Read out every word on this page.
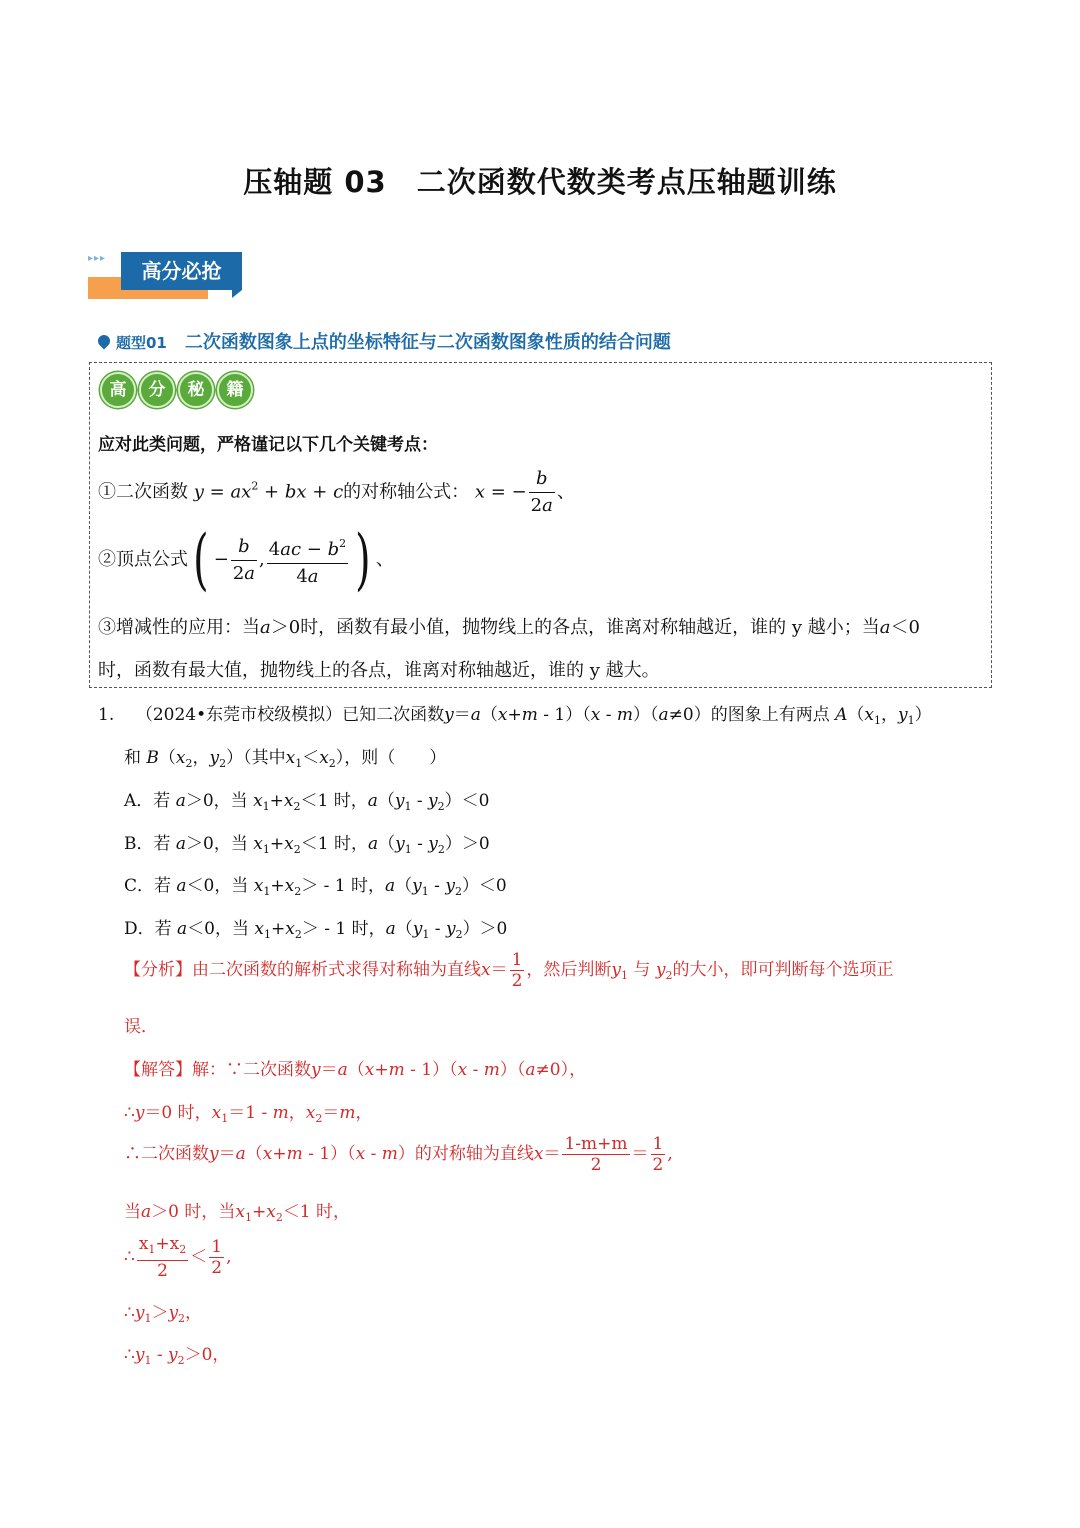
压轴题 03 二次函数代数类考点压轴题训练
▸▸▸
高分必抢
题型01 二次函数图象上点的坐标特征与二次函数图象性质的结合问题
高	分	秘	籍
应对此类问题，严格谨记以下几个关键考点：
①二次函数 $y = ax^2$ + bx + c的对称轴公式： x = − $\frac{b}{2a}$ 、
②顶点公式( − $\frac{b}{2a}$ , $\frac{4ac - b^2}{4a}$ ) 、
③增减性的应用：当a＞0时，函数有最小值，抛物线上的各点，谁离对称轴越近，谁的 y 越小；当a＜0
时，函数有最大值，抛物线上的各点，谁离对称轴越近，谁的 y 越大。
1. （2024•东莞市校级模拟）已知二次函数y＝a（x+m - 1）（x - m）（a≠0）的图象上有两点 $A(x_1$，$y_1$）
和 $B(x_2$，$y_2$）（其中$x_1<x_2$），则（　　）
A．若 a＞0，当 $x_1+x_2<1$ 时，$a(y_1 - y_2)<0$
B．若 a＞0，当 $x_1+x_2<1$ 时，$a(y_1 - y_2)>0$
C．若 a＜0，当 $x_1+x_2> - 1$ 时，$a(y_1 - y_2)<0$
D．若 a＜0，当 $x_1+x_2> - 1$ 时，$a(y_1 - y_2)>0$
【分析】由二次函数的解析式求得对称轴为直线$x= \frac{1}{2}$ ，然后判断$y_1$ 与 $y_2$的大小，即可判断每个选项正
误．
【解答】解：∵二次函数y＝a（x+m - 1）（x - m）（a≠0），
∴y＝0 时，$x_1=1 - m$，$x_2=m$，
∴二次函数y＝a（x+m - 1）（x - m）的对称轴为直线$x= \frac{1-m+m}{2} = \frac{1}{2}$ ,
当a＞0 时，当$x_1+x_2<1$ 时，
∴ $\frac{x_1+x_2}{2} < \frac{1}{2}$ ,
$\therefore y_1>y_2$，
$\therefore y_1 - y_2>0$，
